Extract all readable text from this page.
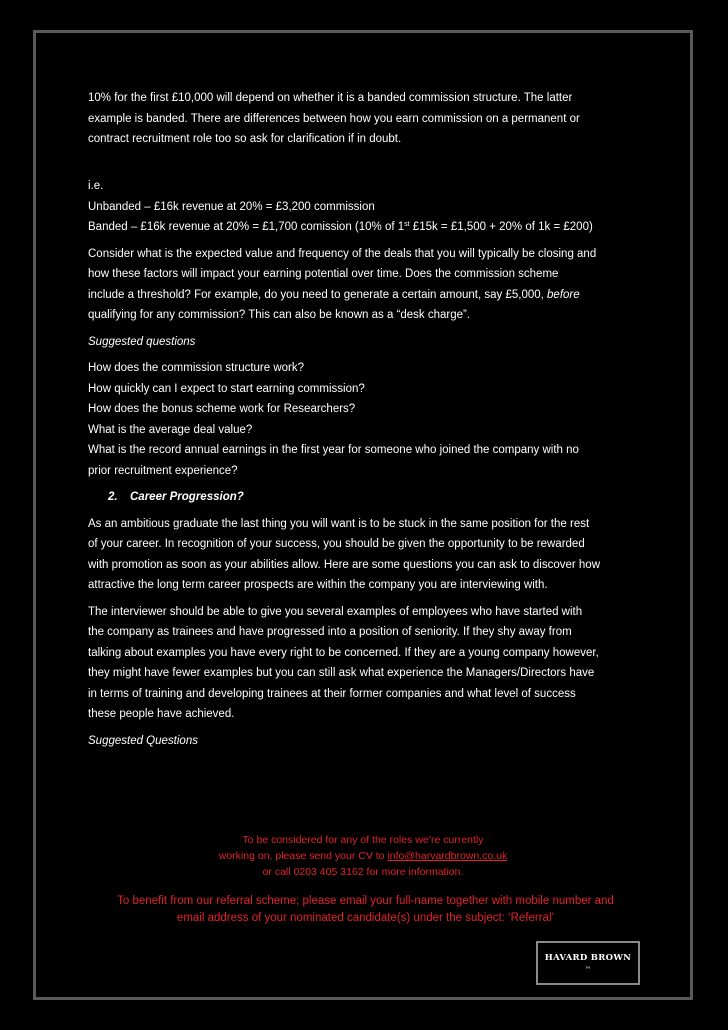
10% for the first £10,000 will depend on whether it is a banded commission structure. The latter
example is banded. There are differences between how you earn commission on a permanent or
contract recruitment role too so ask for clarification if in doubt.

i.e.
Unbanded – £16k revenue at 20% = £3,200 commission
Banded – £16k revenue at 20% = £1,700 comission (10% of 1st £15k = £1,500 + 20% of 1k = £200)

Consider what is the expected value and frequency of the deals that you will typically be closing and
how these factors will impact your earning potential over time. Does the commission scheme
include a threshold? For example, do you need to generate a certain amount, say £5,000, before
qualifying for any commission? This can also be known as a “desk charge”.

Suggested questions

How does the commission structure work?
How quickly can I expect to start earning commission?
How does the bonus scheme work for Researchers?
What is the average deal value?
What is the record annual earnings in the first year for someone who joined the company with no
prior recruitment experience?

2. Career Progression?

As an ambitious graduate the last thing you will want is to be stuck in the same position for the rest
of your career. In recognition of your success, you should be given the opportunity to be rewarded
with promotion as soon as your abilities allow. Here are some questions you can ask to discover how
attractive the long term career prospects are within the company you are interviewing with.

The interviewer should be able to give you several examples of employees who have started with
the company as trainees and have progressed into a position of seniority. If they shy away from
talking about examples you have every right to be concerned. If they are a young company however,
they might have fewer examples but you can still ask what experience the Managers/Directors have
in terms of training and developing trainees at their former companies and what level of success
these people have achieved.

Suggested Questions

To be considered for any of the roles we’re currently
working on, please send your CV to info@harvardbrown.co.uk
or call 0203 405 3162 for more information.
To benefit from our referral scheme; please email your full-name together with mobile number and
email address of your nominated candidate(s) under the subject: ‘Referral’
HAVARD BROWN
™
